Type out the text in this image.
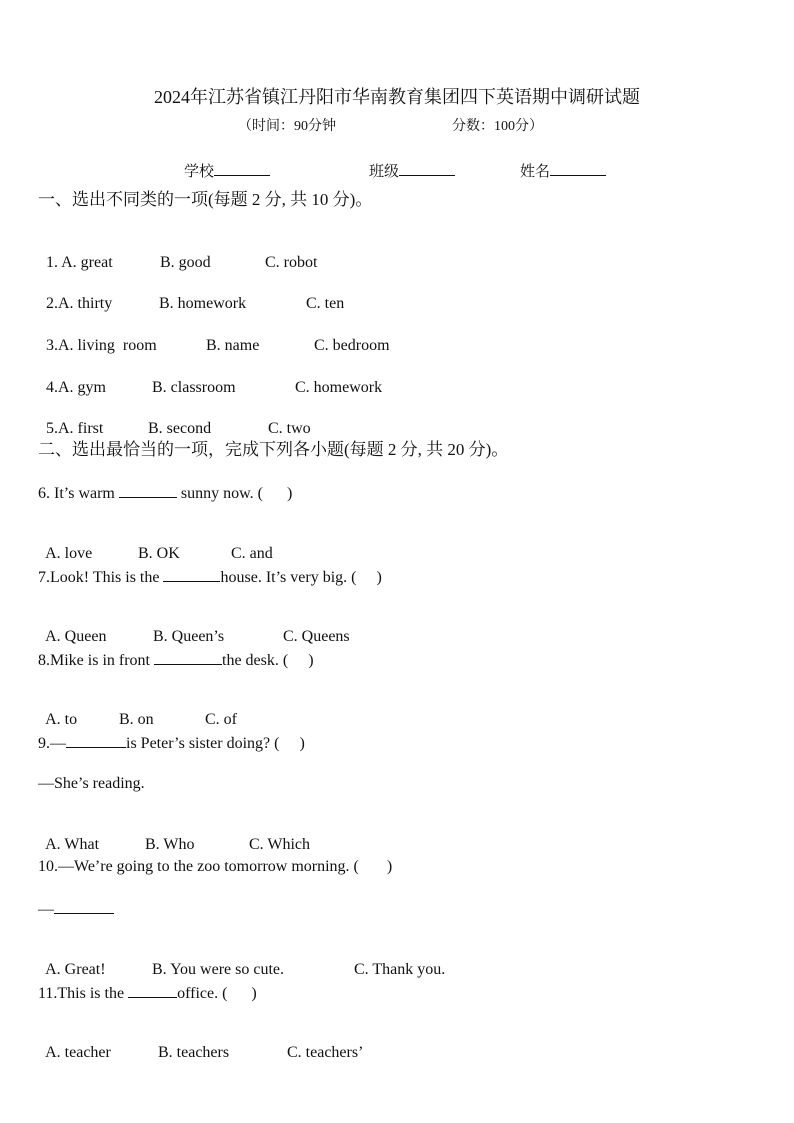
2024年江苏省镇江丹阳市华南教育集团四下英语期中调研试题
（时间：90分钟	分数：100分）
学校	班级	姓名
一、选出不同类的一项(每题 2 分, 共 10 分)。

1. A. great	B. good	C. robot

2.A. thirty	B. homework	C. ten

3.A. living  room	B. name	C. bedroom

4.A. gym	B. classroom	C. homework

5.A. first	B. second	C. two

二、选出最恰当的一项，完成下列各小题(每题 2 分, 共 20 分)。
6. It’s warm	sunny now. (      )

A. love	B. OK	C. and

7.Look! This is the	house. It’s very big. (     )

A. Queen	B. Queen’s	C. Queens

8.Mike is in front	the desk. (     )

A. to	B. on	C. of

9.—	is Peter’s sister doing? (     )
—She’s reading.

A. What	B. Who	C. Which

10.—We’re going to the zoo tomorrow morning. (       )
—

A. Great!	B. You were so cute.	C. Thank you.

11.This is the	office. (      )

A. teacher	B. teachers	C. teachers’
